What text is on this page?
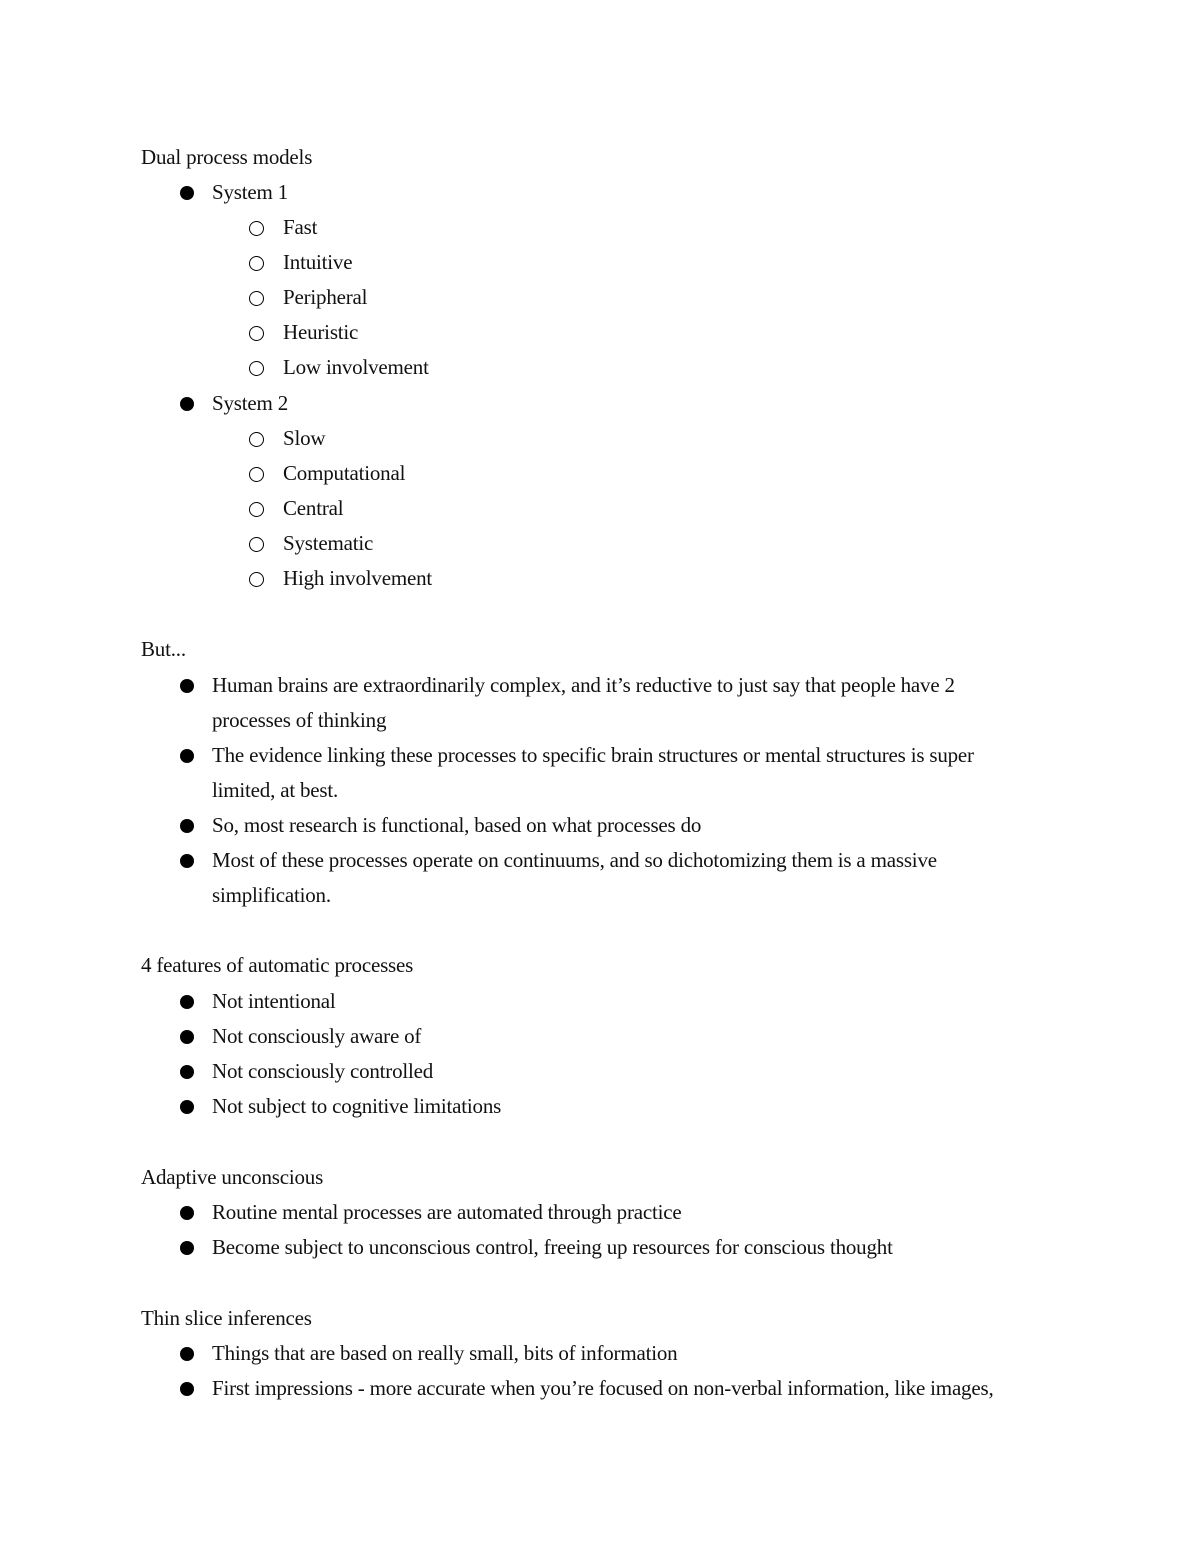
Dual process models
System 1
Fast
Intuitive
Peripheral
Heuristic
Low involvement
System 2
Slow
Computational
Central
Systematic
High involvement
But...
Human brains are extraordinarily complex, and it’s reductive to just say that people have 2
processes of thinking
The evidence linking these processes to specific brain structures or mental structures is super
limited, at best.
So, most research is functional, based on what processes do
Most of these processes operate on continuums, and so dichotomizing them is a massive
simplification.
4 features of automatic processes
Not intentional
Not consciously aware of
Not consciously controlled
Not subject to cognitive limitations
Adaptive unconscious
Routine mental processes are automated through practice
Become subject to unconscious control, freeing up resources for conscious thought
Thin slice inferences
Things that are based on really small, bits of information
First impressions - more accurate when you’re focused on non-verbal information, like images,
